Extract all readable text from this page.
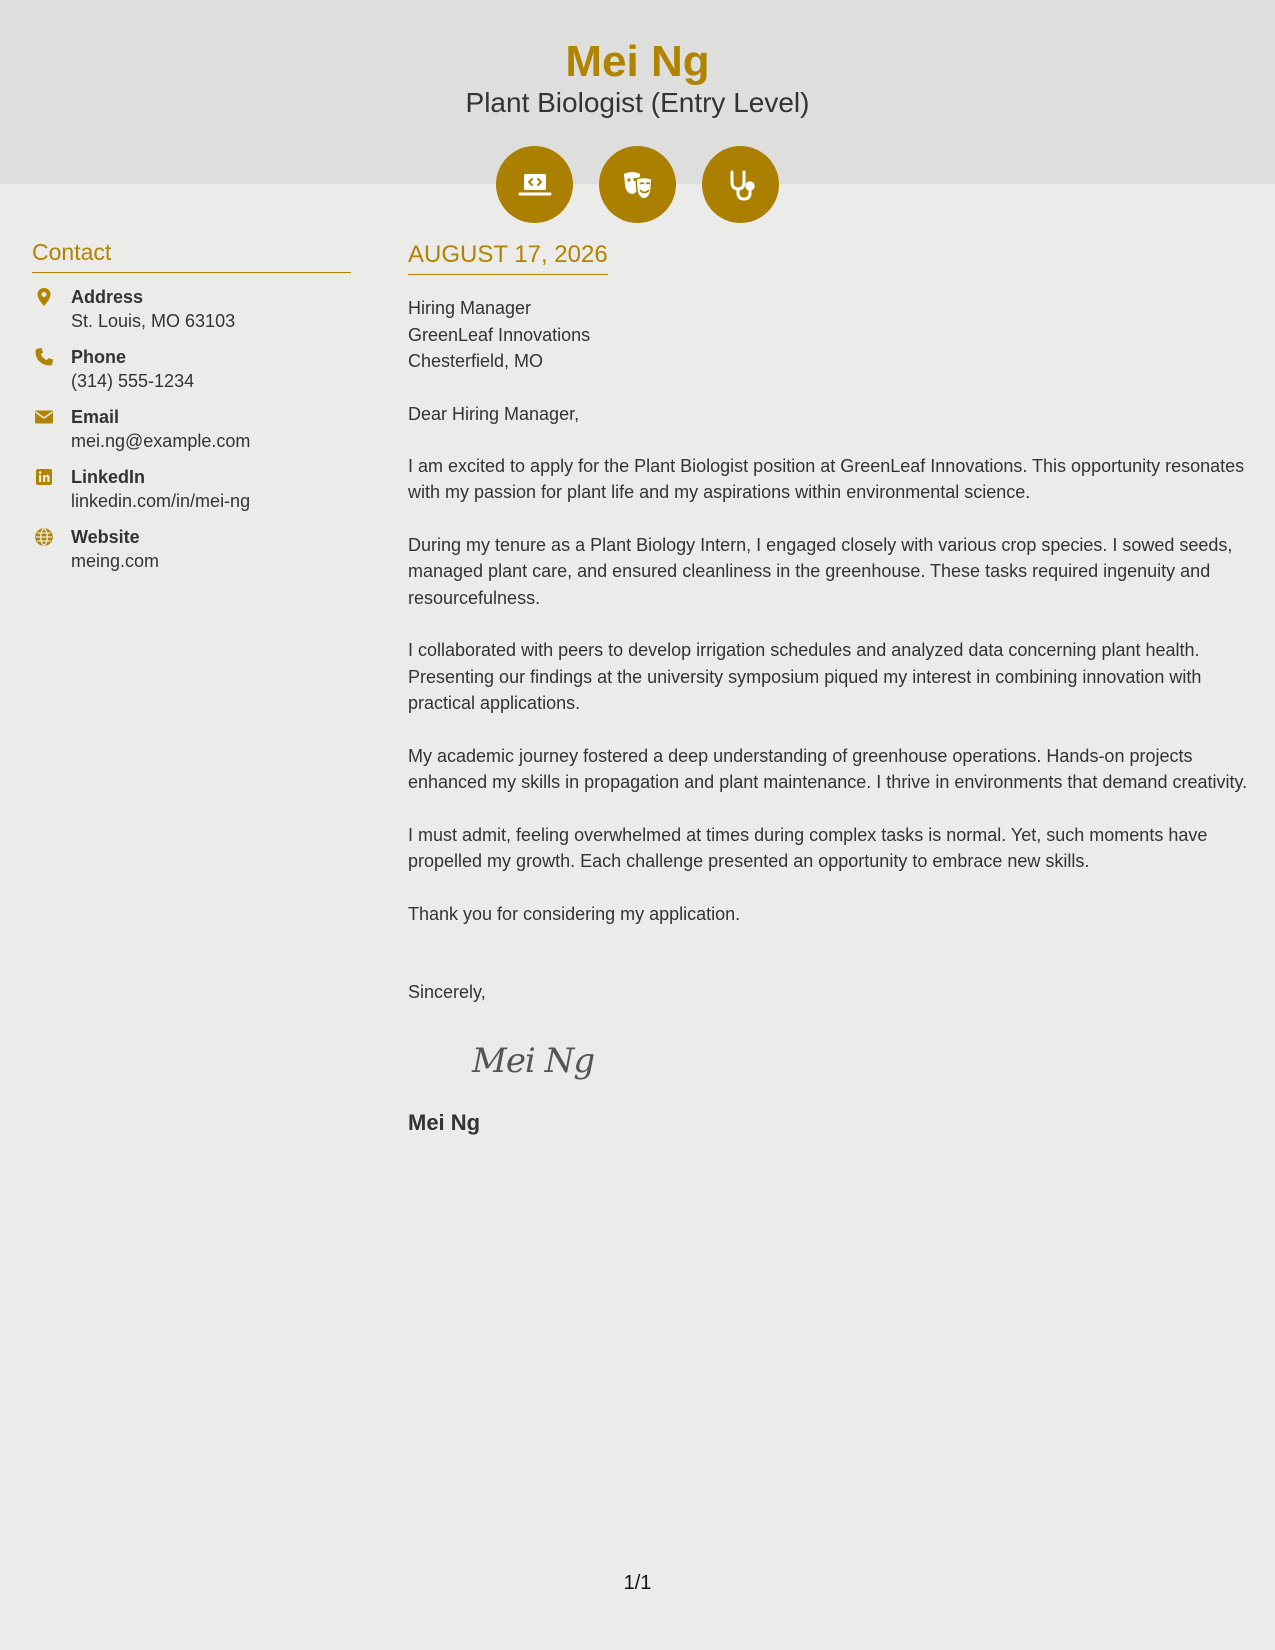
Mei Ng
Plant Biologist (Entry Level)
Contact
Address
St. Louis, MO 63103
Phone
(314) 555-1234
Email
mei.ng@example.com
LinkedIn
linkedin.com/in/mei-ng
Website
meing.com
AUGUST 17, 2026
Hiring Manager
GreenLeaf Innovations
Chesterfield, MO
Dear Hiring Manager,

I am excited to apply for the Plant Biologist position at GreenLeaf Innovations. This opportunity resonates with my passion for plant life and my aspirations within environmental science.

During my tenure as a Plant Biology Intern, I engaged closely with various crop species. I sowed seeds, managed plant care, and ensured cleanliness in the greenhouse. These tasks required ingenuity and resourcefulness.

I collaborated with peers to develop irrigation schedules and analyzed data concerning plant health. Presenting our findings at the university symposium piqued my interest in combining innovation with practical applications.

My academic journey fostered a deep understanding of greenhouse operations. Hands-on projects enhanced my skills in propagation and plant maintenance. I thrive in environments that demand creativity.

I must admit, feeling overwhelmed at times during complex tasks is normal. Yet, such moments have propelled my growth. Each challenge presented an opportunity to embrace new skills.

Thank you for considering my application.

Sincerely,
Mei Ng
Mei Ng
1/1
